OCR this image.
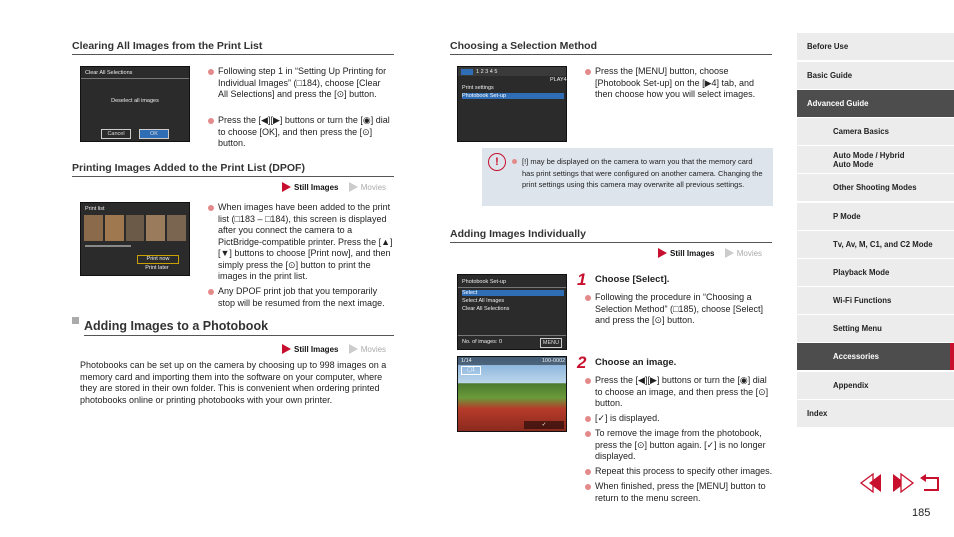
Clearing All Images from the Print List
Clear All Selections
Deselect all images
Cancel	OK
Following step 1 in “Setting Up Printing for Individual Images” (□184), choose [Clear All Selections] and press the [⊙] button.
Press the [◀][▶] buttons or turn the [◉] dial to choose [OK], and then press the [⊙] button.
Printing Images Added to the Print List (DPOF)
Still Images	Movies
Print list
Print now
Print later
When images have been added to the print list (□183 – □184), this screen is displayed after you connect the camera to a PictBridge-compatible printer. Press the [▲][▼] buttons to choose [Print now], and then simply press the [⊙] button to print the images in the print list.
Any DPOF print job that you temporarily stop will be resumed from the next image.
Adding Images to a Photobook
Still Images	Movies
Photobooks can be set up on the camera by choosing up to 998 images on a memory card and importing them into the software on your computer, where they are stored in their own folder. This is convenient when ordering printed photobooks online or printing photobooks with your own printer.
Choosing a Selection Method
1 2 3 4 5
PLAY4
Print settings
Photobook Set-up
Press the [MENU] button, choose [Photobook Set-up] on the [▶4] tab, and then choose how you will select images.
!	[!] may be displayed on the camera to warn you that the memory card has print settings that were configured on another camera. Changing the print settings using this camera may overwrite all previous settings.
Adding Images Individually
Still Images	Movies
Photobook Set-up
Select
Select All Images
Clear All Selections
No. of images: 0	MENU
1 Choose [Select].
Following the procedure in “Choosing a Selection Method” (□185), choose [Select] and press the [⊙] button.
1/14	100-0002
▢1
✓
2 Choose an image.
Press the [◀][▶] buttons or turn the [◉] dial to choose an image, and then press the [⊙] button.
[✓] is displayed.
To remove the image from the photobook, press the [⊙] button again. [✓] is no longer displayed.
Repeat this process to specify other images.
When finished, press the [MENU] button to return to the menu screen.
Before Use
Basic Guide
Advanced Guide
Camera Basics
Auto Mode / Hybrid Auto Mode
Other Shooting Modes
P Mode
Tv, Av, M, C1, and C2 Mode
Playback Mode
Wi-Fi Functions
Setting Menu
Accessories
Appendix
Index
185
